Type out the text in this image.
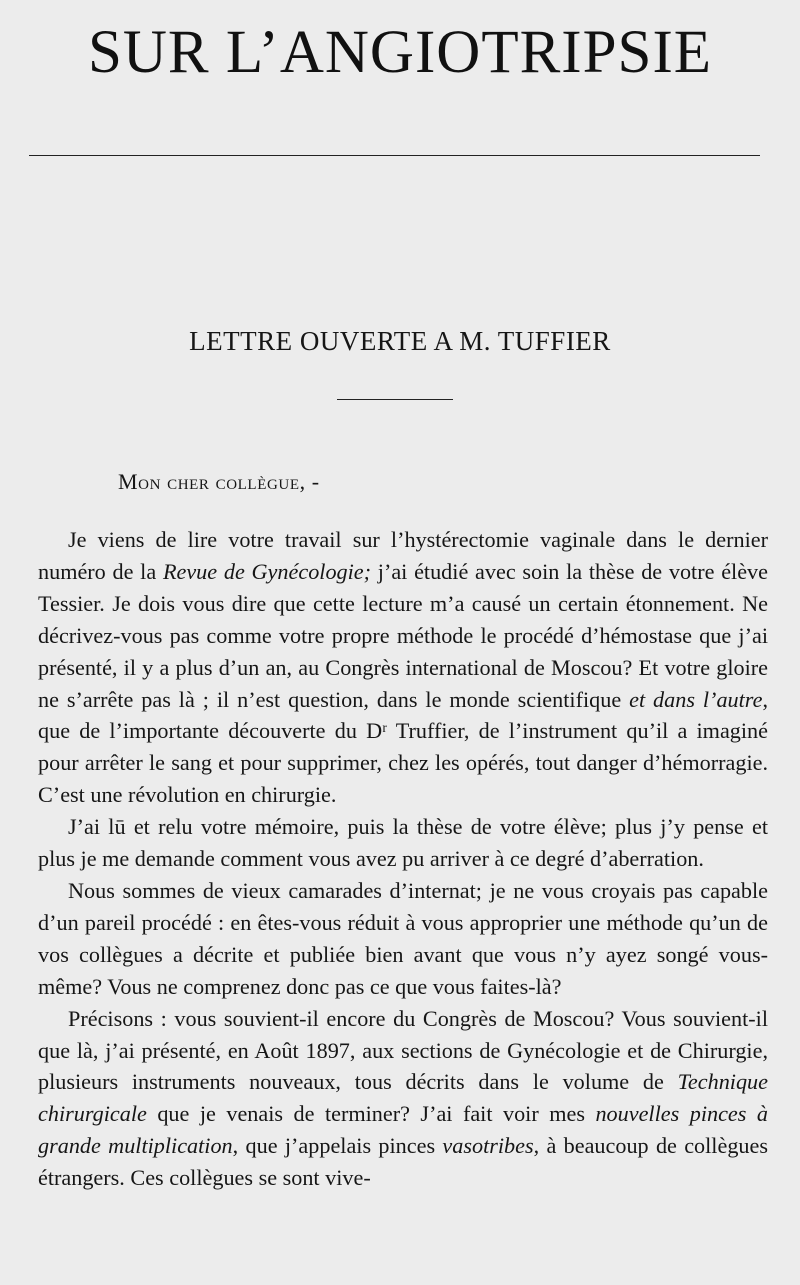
SUR L’ANGIOTRIPSIE
LETTRE OUVERTE A M. TUFFIER
Mon cher collègue, -

Je viens de lire votre travail sur l’hystérectomie vaginale dans le dernier numéro de la Revue de Gynécologie; j’ai étudié avec soin la thèse de votre élève Tessier. Je dois vous dire que cette lecture m’a causé un certain étonnement. Ne décrivez-vous pas comme votre propre méthode le procédé d’hémostase que j’ai présenté, il y a plus d’un an, au Congrès international de Moscou? Et votre gloire ne s’arrête pas là ; il n’est question, dans le monde scientifique et dans l’autre, que de l’importante découverte du Dʳ Truffier, de l’instrument qu’il a imaginé pour arrêter le sang et pour supprimer, chez les opérés, tout danger d’hémorragie. C’est une révolution en chirurgie.

J’ai lū et relu votre mémoire, puis la thèse de votre élève; plus j’y pense et plus je me demande comment vous avez pu arriver à ce degré d’aberration.

Nous sommes de vieux camarades d’internat; je ne vous croyais pas capable d’un pareil procédé : en êtes-vous réduit à vous approprier une méthode qu’un de vos collègues a décrite et publiée bien avant que vous n’y ayez songé vous-même? Vous ne comprenez donc pas ce que vous faites-là?

Précisons : vous souvient-il encore du Congrès de Moscou? Vous souvient-il que là, j’ai présenté, en Août 1897, aux sections de Gynécologie et de Chirurgie, plusieurs instruments nouveaux, tous décrits dans le volume de Technique chirurgicale que je venais de terminer? J’ai fait voir mes nouvelles pinces à grande multiplication, que j’appelais pinces vasotribes, à beaucoup de collègues étrangers. Ces collègues se sont vive-
